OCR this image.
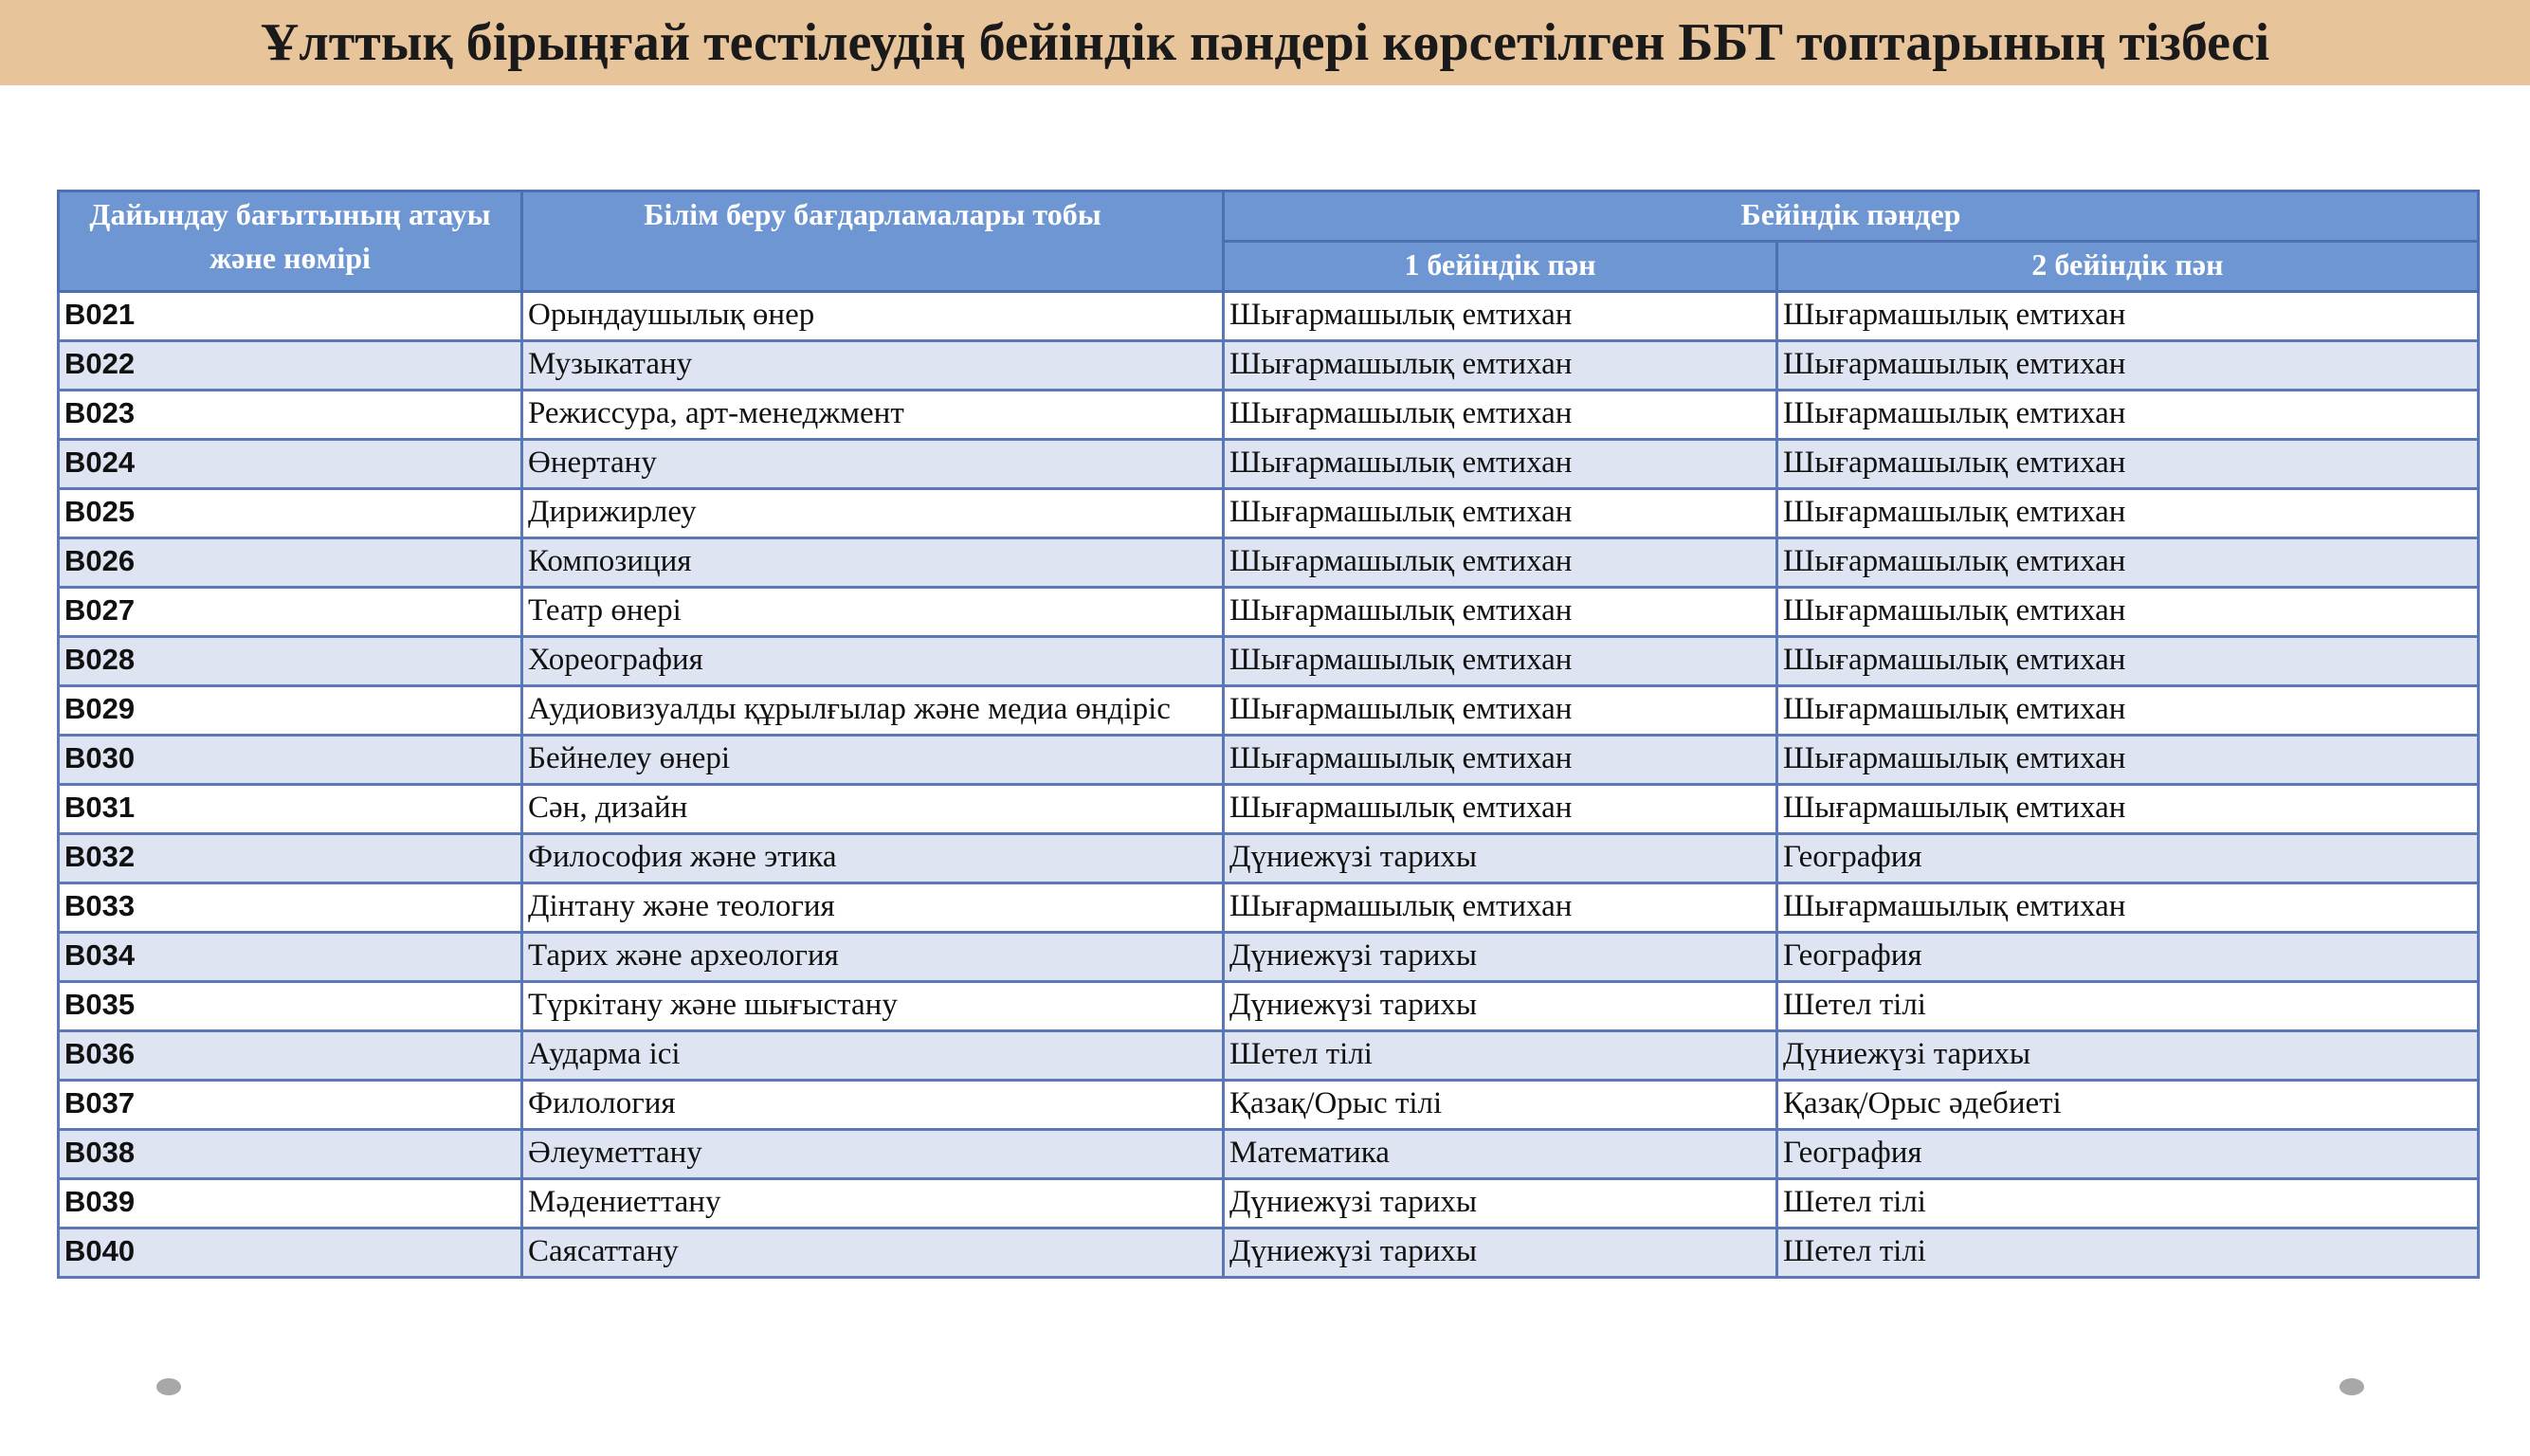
Ұлттық бірыңғай тестілеудің бейіндік пәндері көрсетілген ББТ топтарының тізбесі
Дайындау бағытының атауы және нөмірі	Білім беру бағдарламалары тобы	Бейіндік пәндер	
		1 бейіндік пән	2 бейіндік пән
B021	Орындаушылық өнер	Шығармашылық емтихан	Шығармашылық емтихан
B022	Музыкатану	Шығармашылық емтихан	Шығармашылық емтихан
B023	Режиссура, арт-менеджмент	Шығармашылық емтихан	Шығармашылық емтихан
B024	Өнертану	Шығармашылық емтихан	Шығармашылық емтихан
B025	Дирижирлеу	Шығармашылық емтихан	Шығармашылық емтихан
B026	Композиция	Шығармашылық емтихан	Шығармашылық емтихан
B027	Театр өнері	Шығармашылық емтихан	Шығармашылық емтихан
B028	Хореография	Шығармашылық емтихан	Шығармашылық емтихан
B029	Аудиовизуалды құрылғылар және медиа өндіріс	Шығармашылық емтихан	Шығармашылық емтихан
B030	Бейнелеу өнері	Шығармашылық емтихан	Шығармашылық емтихан
B031	Сән, дизайн	Шығармашылық емтихан	Шығармашылық емтихан
B032	Философия және этика	Дүниежүзі тарихы	География
B033	Дінтану және теология	Шығармашылық емтихан	Шығармашылық емтихан
B034	Тарих және археология	Дүниежүзі тарихы	География
B035	Түркітану және шығыстану	Дүниежүзі тарихы	Шетел тілі
B036	Аударма ісі	Шетел тілі	Дүниежүзі тарихы
B037	Филология	Қазақ/Орыс тілі	Қазақ/Орыс әдебиеті
B038	Әлеуметтану	Математика	География
B039	Мәдениеттану	Дүниежүзі тарихы	Шетел тілі
B040	Саясаттану	Дүниежүзі тарихы	Шетел тілі
